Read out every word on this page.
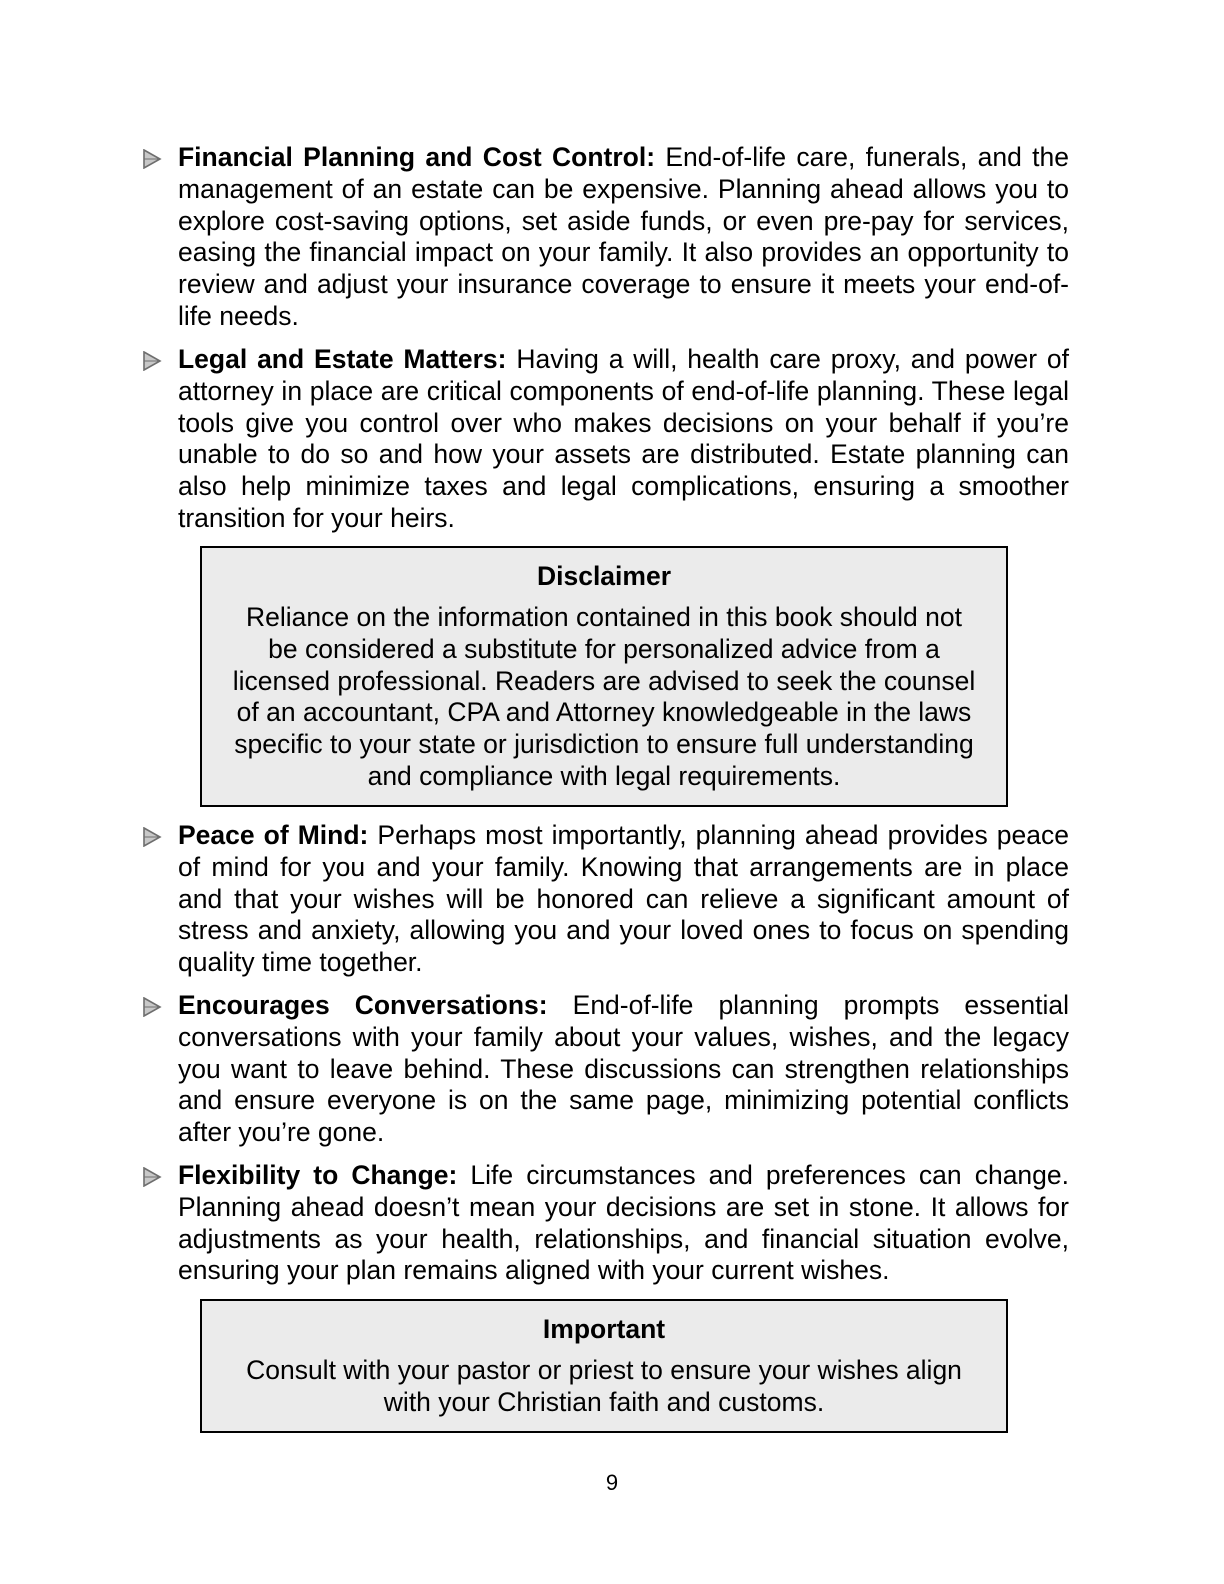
Financial Planning and Cost Control: End-of-life care, funerals, and the management of an estate can be expensive. Planning ahead allows you to explore cost-saving options, set aside funds, or even pre-pay for services, easing the financial impact on your family. It also provides an opportunity to review and adjust your insurance coverage to ensure it meets your end-of-life needs.
Legal and Estate Matters: Having a will, health care proxy, and power of attorney in place are critical components of end-of-life planning. These legal tools give you control over who makes decisions on your behalf if you’re unable to do so and how your assets are distributed. Estate planning can also help minimize taxes and legal complications, ensuring a smoother transition for your heirs.
Disclaimer
Reliance on the information contained in this book should not
be considered a substitute for personalized advice from a
licensed professional. Readers are advised to seek the counsel
of an accountant, CPA and Attorney knowledgeable in the laws
specific to your state or jurisdiction to ensure full understanding
and compliance with legal requirements.
Peace of Mind: Perhaps most importantly, planning ahead provides peace of mind for you and your family. Knowing that arrangements are in place and that your wishes will be honored can relieve a significant amount of stress and anxiety, allowing you and your loved ones to focus on spending quality time together.
Encourages Conversations: End-of-life planning prompts essential conversations with your family about your values, wishes, and the legacy you want to leave behind. These discussions can strengthen relationships and ensure everyone is on the same page, minimizing potential conflicts after you’re gone.
Flexibility to Change: Life circumstances and preferences can change. Planning ahead doesn’t mean your decisions are set in stone. It allows for adjustments as your health, relationships, and financial situation evolve, ensuring your plan remains aligned with your current wishes.
Important
Consult with your pastor or priest to ensure your wishes align
with your Christian faith and customs.
9
